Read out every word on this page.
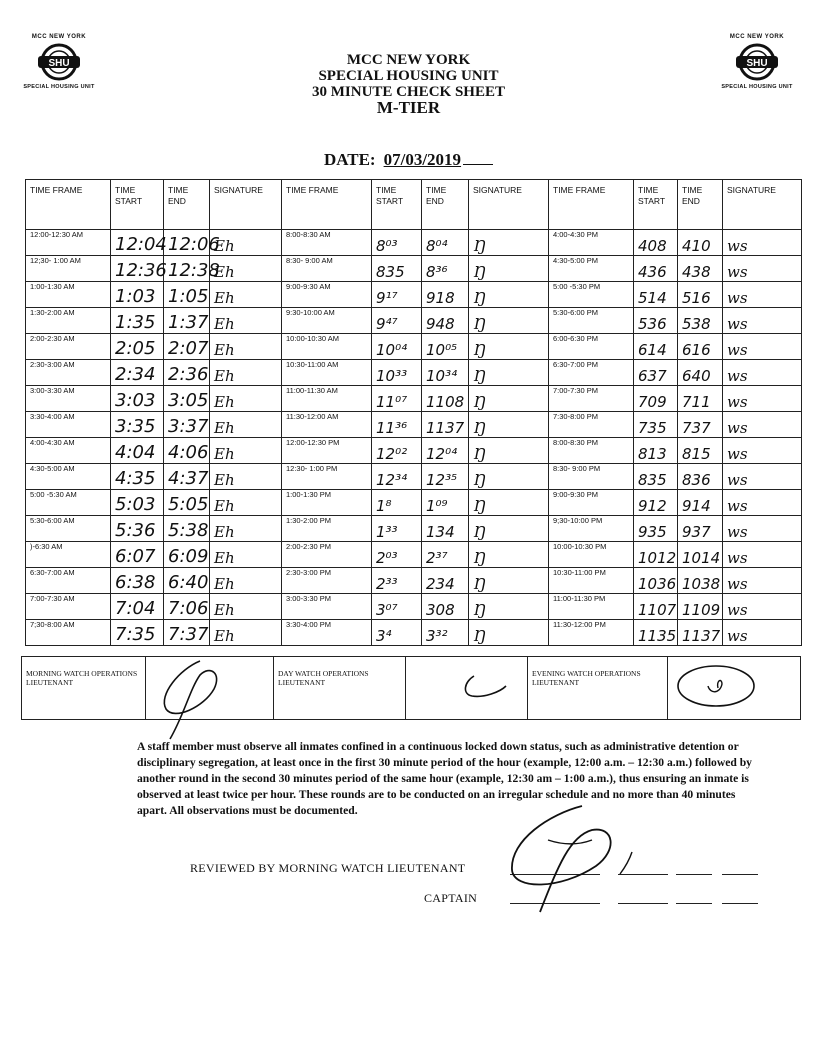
MCC NEW YORK
SHU
SPECIAL HOUSING UNIT
MCC NEW YORK
SHU
SPECIAL HOUSING UNIT
MCC NEW YORK
SPECIAL HOUSING UNIT
30 MINUTE CHECK SHEET
M-TIER
DATE: 07/03/2019
TIME FRAME	TIME START	TIME END	SIGNATURE	TIME FRAME	TIME START	TIME END	SIGNATURE	TIME FRAME	TIME START	TIME END	SIGNATURE
12:00-12:30 AM	12:04	12:06	Eh	8:00-8:30 AM	8⁰³	8⁰⁴	Ŋ	4:00-4:30 PM	408	410	ws
12;30- 1:00 AM	12:36	12:38	Eh	8:30- 9:00 AM	835	8³⁶	Ŋ	4:30-5:00 PM	436	438	ws
1:00-1:30 AM	1:03	1:05	Eh	9:00-9:30 AM	9¹⁷	918	Ŋ	5:00 -5:30 PM	514	516	ws
1:30-2:00 AM	1:35	1:37	Eh	9:30-10:00 AM	9⁴⁷	948	Ŋ	5:30-6:00 PM	536	538	ws
2:00-2:30 AM	2:05	2:07	Eh	10:00-10:30 AM	10⁰⁴	10⁰⁵	Ŋ	6:00-6:30 PM	614	616	ws
2:30-3:00 AM	2:34	2:36	Eh	10:30-11:00 AM	10³³	10³⁴	Ŋ	6:30-7:00 PM	637	640	ws
3:00-3:30 AM	3:03	3:05	Eh	11:00-11:30 AM	11⁰⁷	1108	Ŋ	7:00-7:30 PM	709	711	ws
3:30-4:00 AM	3:35	3:37	Eh	11:30-12:00 AM	11³⁶	1137	Ŋ	7:30-8:00 PM	735	737	ws
4:00-4:30 AM	4:04	4:06	Eh	12:00-12:30 PM	12⁰²	12⁰⁴	Ŋ	8:00-8:30 PM	813	815	ws
4:30-5:00 AM	4:35	4:37	Eh	12:30- 1:00 PM	12³⁴	12³⁵	Ŋ	8:30- 9:00 PM	835	836	ws
5:00 -5:30 AM	5:03	5:05	Eh	1:00-1:30 PM	1⁸	1⁰⁹	Ŋ	9:00-9:30 PM	912	914	ws
5:30-6:00 AM	5:36	5:38	Eh	1:30-2:00 PM	1³³	134	Ŋ	9;30-10:00 PM	935	937	ws
)-6:30 AM	6:07	6:09	Eh	2:00-2:30 PM	2⁰³	2³⁷	Ŋ	10:00-10:30 PM	1012	1014	ws
6:30-7:00 AM	6:38	6:40	Eh	2:30-3:00 PM	2³³	234	Ŋ	10:30-11:00 PM	1036	1038	ws
7:00-7:30 AM	7:04	7:06	Eh	3:00-3:30 PM	3⁰⁷	308	Ŋ	11:00-11:30 PM	1107	1109	ws
7;30-8:00 AM	7:35	7:37	Eh	3:30-4:00 PM	3⁴	3³²	Ŋ	11:30-12:00 PM	1135	1137	ws
MORNING WATCH OPERATIONS LIEUTENANT		DAY WATCH OPERATIONS LIEUTENANT		EVENING WATCH OPERATIONS LIEUTENANT	
A staff member must observe all inmates confined in a continuous locked down status, such as administrative detention or disciplinary segregation, at least once in the first 30 minute period of the hour (example, 12:00 a.m. – 12:30 a.m.) followed by another round in the second 30 minutes period of the same hour (example, 12:30 am – 1:00 a.m.), thus ensuring an inmate is observed at least twice per hour. These rounds are to be conducted on an irregular schedule and no more than 40 minutes apart. All observations must be documented.
REVIEWED BY MORNING WATCH LIEUTENANT
CAPTAIN
